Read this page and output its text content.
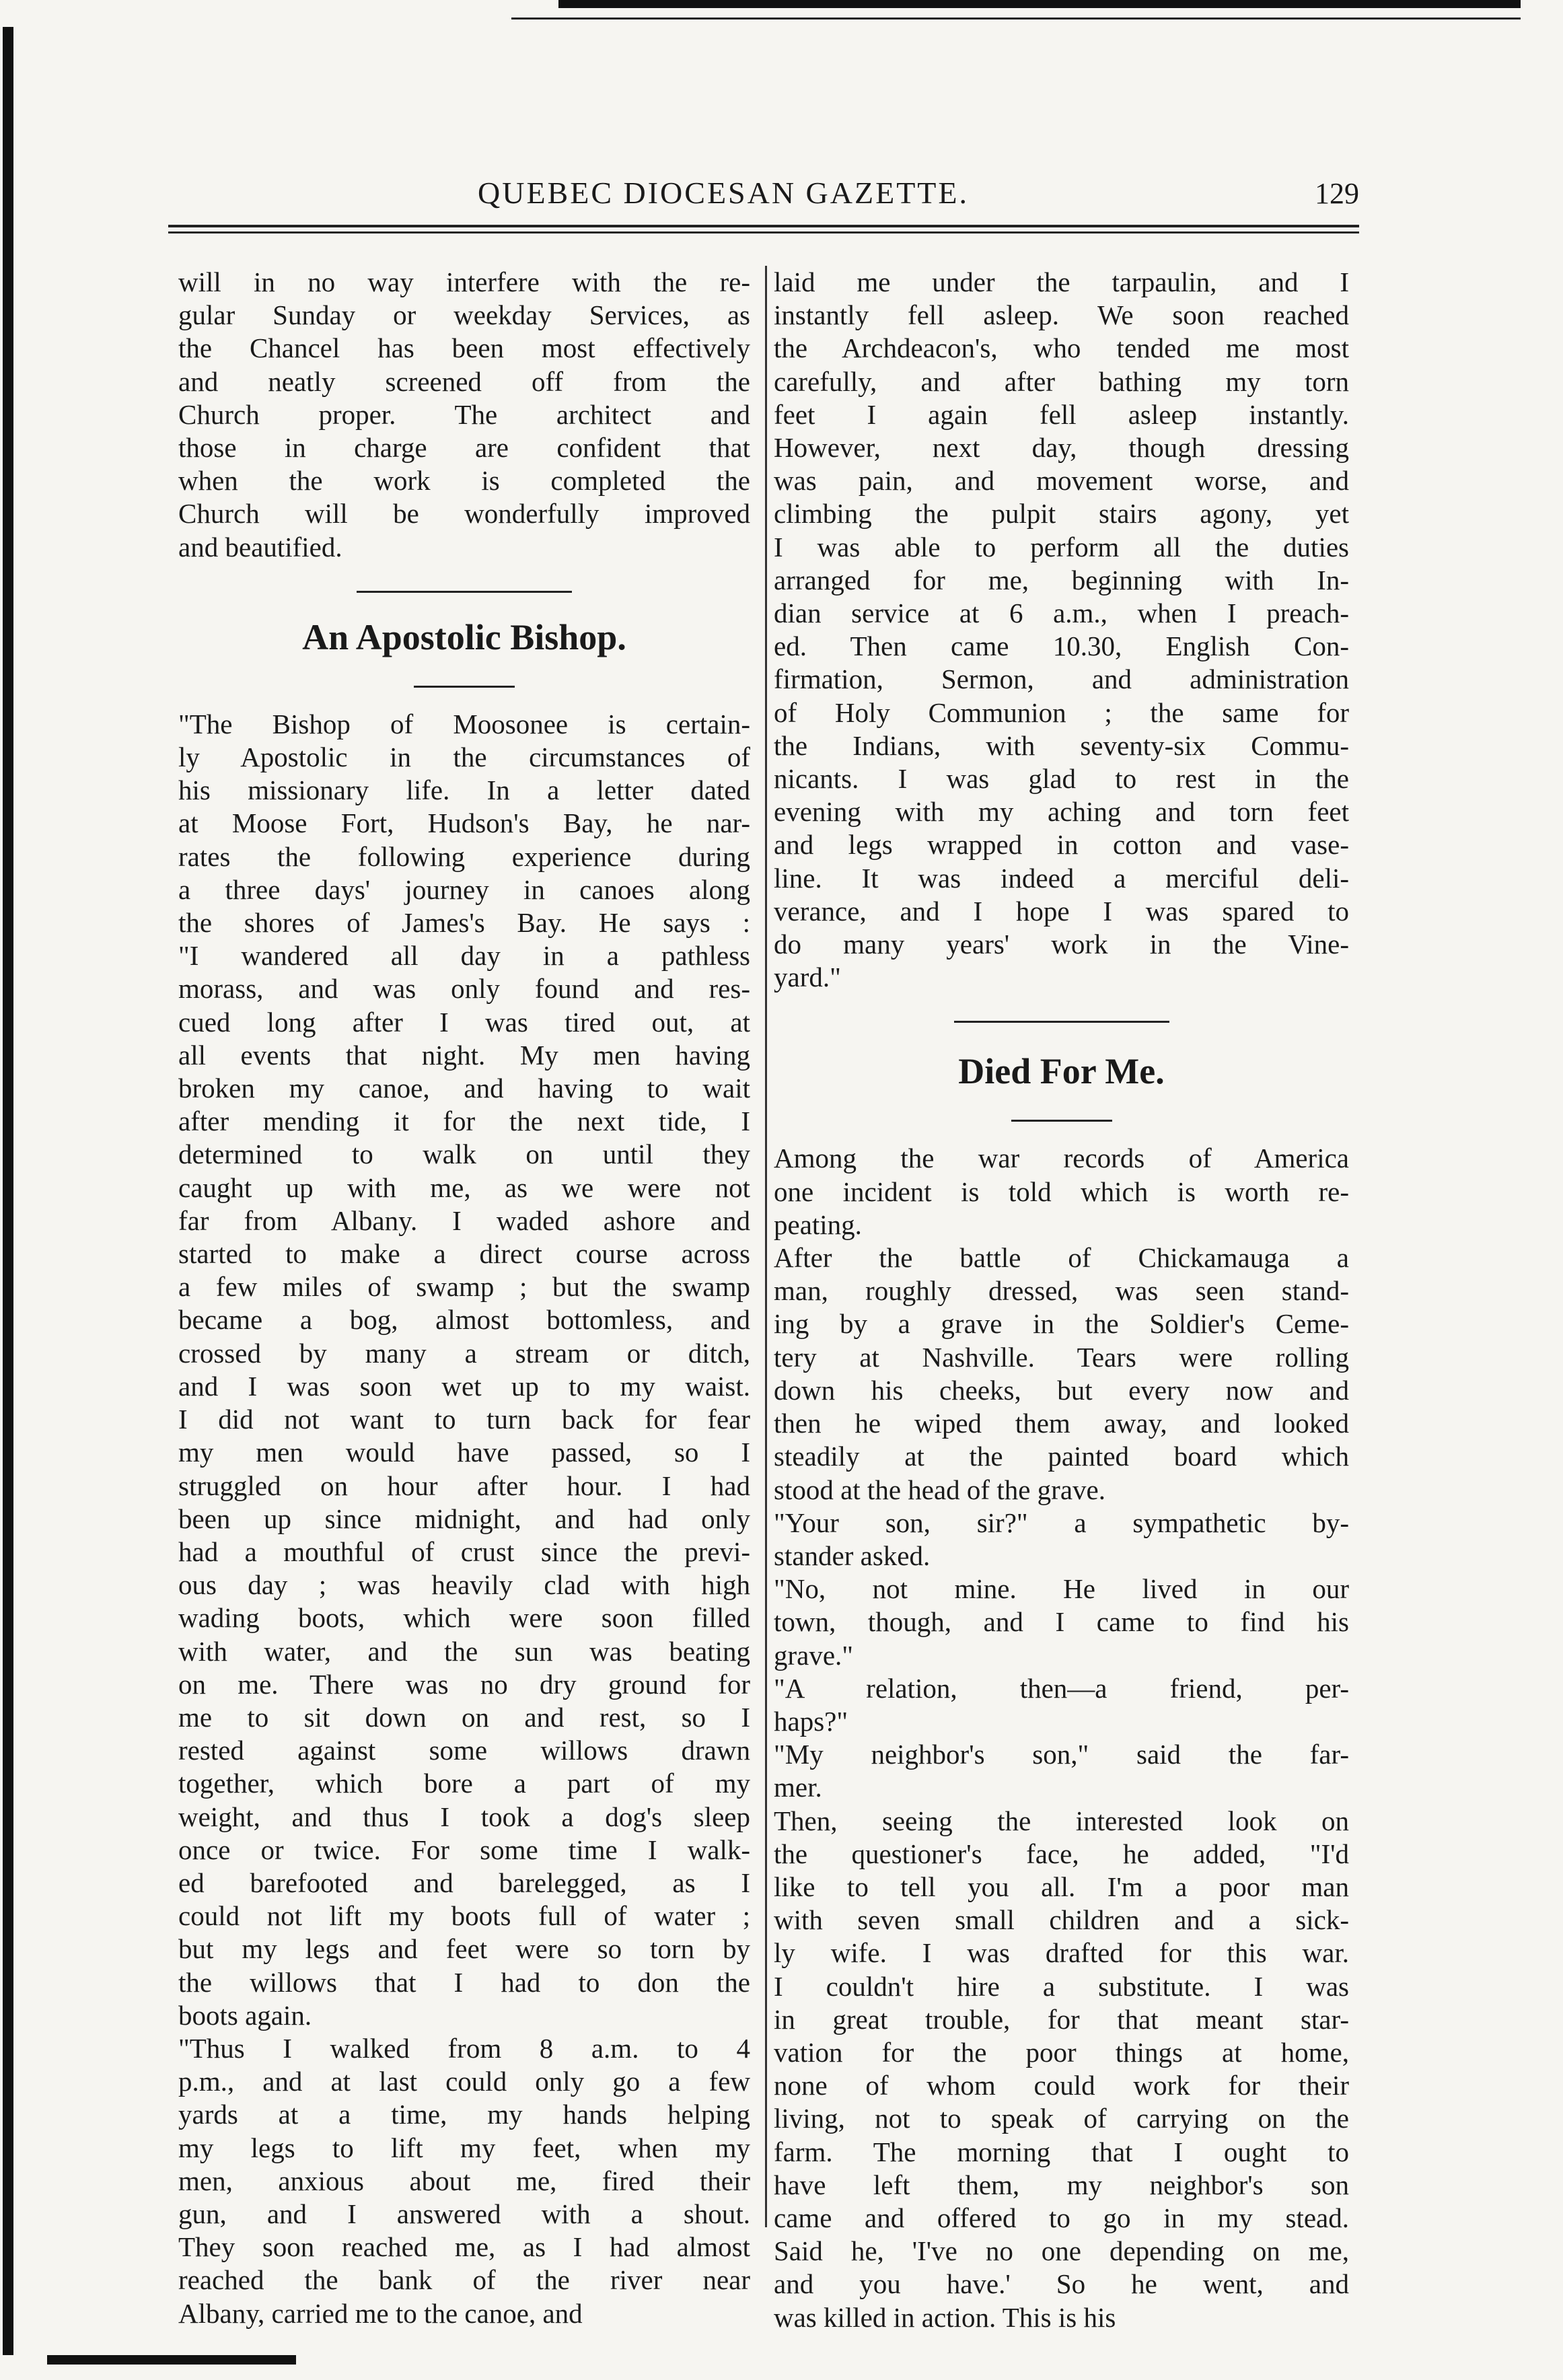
QUEBEC DIOCESAN GAZETTE.	129
will in no way interfere with the re-
gular Sunday or weekday Services, as
the Chancel has been most effectively
and neatly screened off from the
Church proper. The architect and
those in charge are confident that
when the work is completed the
Church will be wonderfully improved
and beautified.
An Apostolic Bishop.
"The Bishop of Moosonee is certain-
ly Apostolic in the circumstances of
his missionary life. In a letter dated
at Moose Fort, Hudson's Bay, he nar-
rates the following experience during
a three days' journey in canoes along
the shores of James's Bay. He says :
"I wandered all day in a pathless
morass, and was only found and res-
cued long after I was tired out, at
all events that night. My men having
broken my canoe, and having to wait
after mending it for the next tide, I
determined to walk on until they
caught up with me, as we were not
far from Albany. I waded ashore and
started to make a direct course across
a few miles of swamp ; but the swamp
became a bog, almost bottomless, and
crossed by many a stream or ditch,
and I was soon wet up to my waist.
I did not want to turn back for fear
my men would have passed, so I
struggled on hour after hour. I had
been up since midnight, and had only
had a mouthful of crust since the previ-
ous day ; was heavily clad with high
wading boots, which were soon filled
with water, and the sun was beating
on me. There was no dry ground for
me to sit down on and rest, so I
rested against some willows drawn
together, which bore a part of my
weight, and thus I took a dog's sleep
once or twice. For some time I walk-
ed barefooted and barelegged, as I
could not lift my boots full of water ;
but my legs and feet were so torn by
the willows that I had to don the
boots again.
"Thus I walked from 8 a.m. to 4
p.m., and at last could only go a few
yards at a time, my hands helping
my legs to lift my feet, when my
men, anxious about me, fired their
gun, and I answered with a shout.
They soon reached me, as I had almost
reached the bank of the river near
Albany, carried me to the canoe, and
laid me under the tarpaulin, and I
instantly fell asleep. We soon reached
the Archdeacon's, who tended me most
carefully, and after bathing my torn
feet I again fell asleep instantly.
However, next day, though dressing
was pain, and movement worse, and
climbing the pulpit stairs agony, yet
I was able to perform all the duties
arranged for me, beginning with In-
dian service at 6 a.m., when I preach-
ed. Then came 10.30, English Con-
firmation, Sermon, and administration
of Holy Communion ; the same for
the Indians, with seventy-six Commu-
nicants. I was glad to rest in the
evening with my aching and torn feet
and legs wrapped in cotton and vase-
line. It was indeed a merciful deli-
verance, and I hope I was spared to
do many years' work in the Vine-
yard."
Died For Me.
Among the war records of America
one incident is told which is worth re-
peating.
After the battle of Chickamauga a
man, roughly dressed, was seen stand-
ing by a grave in the Soldier's Ceme-
tery at Nashville. Tears were rolling
down his cheeks, but every now and
then he wiped them away, and looked
steadily at the painted board which
stood at the head of the grave.
"Your son, sir?" a sympathetic by-
stander asked.
"No, not mine. He lived in our
town, though, and I came to find his
grave."
"A relation, then—a friend, per-
haps?"
"My neighbor's son," said the far-
mer.
Then, seeing the interested look on
the questioner's face, he added, "I'd
like to tell you all. I'm a poor man
with seven small children and a sick-
ly wife. I was drafted for this war.
I couldn't hire a substitute. I was
in great trouble, for that meant star-
vation for the poor things at home,
none of whom could work for their
living, not to speak of carrying on the
farm. The morning that I ought to
have left them, my neighbor's son
came and offered to go in my stead.
Said he, 'I've no one depending on me,
and you have.' So he went, and
was killed in action. This is his
